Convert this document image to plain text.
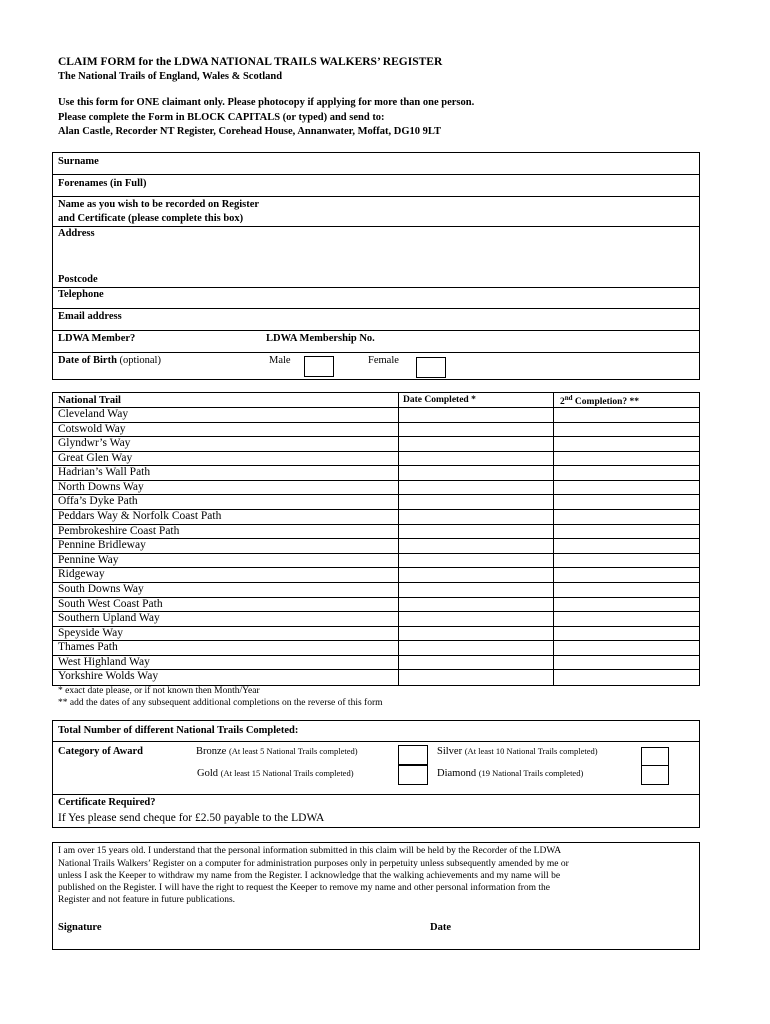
CLAIM FORM for the LDWA NATIONAL TRAILS WALKERS’ REGISTER
The National Trails of England, Wales & Scotland
Use this form for ONE claimant only. Please photocopy if applying for more than one person.
Please complete the Form in BLOCK CAPITALS (or typed) and send to:
Alan Castle, Recorder NT Register, Corehead House, Annanwater, Moffat, DG10 9LT
Surname
Forenames (in Full)
Name as you wish to be recorded on Register
and Certificate (please complete this box)
Address
Postcode
Telephone
Email address
LDWA Member?	LDWA Membership No.
Date of Birth (optional)	Male	Female
National Trail	Date Completed *	2nd Completion? **
Cleveland Way
Cotswold Way
Glyndwr’s Way
Great Glen Way
Hadrian’s Wall Path
North Downs Way
Offa’s Dyke Path
Peddars Way & Norfolk Coast Path
Pembrokeshire Coast Path
Pennine Bridleway
Pennine Way
Ridgeway
South Downs Way
South West Coast Path
Southern Upland Way
Speyside Way
Thames Path
West Highland Way
Yorkshire Wolds Way
* exact date please, or if not known then Month/Year
** add the dates of any subsequent additional completions on the reverse of this form
Total Number of different National Trails Completed:
Category of Award	Bronze (At least 5 National Trails completed)	Silver (At least 10 National Trails completed)
Gold (At least 15 National Trails completed)	Diamond (19 National Trails completed)
Certificate Required?
If Yes please send cheque for £2.50 payable to the LDWA
I am over 15 years old. I understand that the personal information submitted in this claim will be held by the Recorder of the LDWA
National Trails Walkers’ Register on a computer for administration purposes only in perpetuity unless subsequently amended by me or
unless I ask the Keeper to withdraw my name from the Register. I acknowledge that the walking achievements and my name will be
published on the Register. I will have the right to request the Keeper to remove my name and other personal information from the
Register and not feature in future publications.
Signature	Date
